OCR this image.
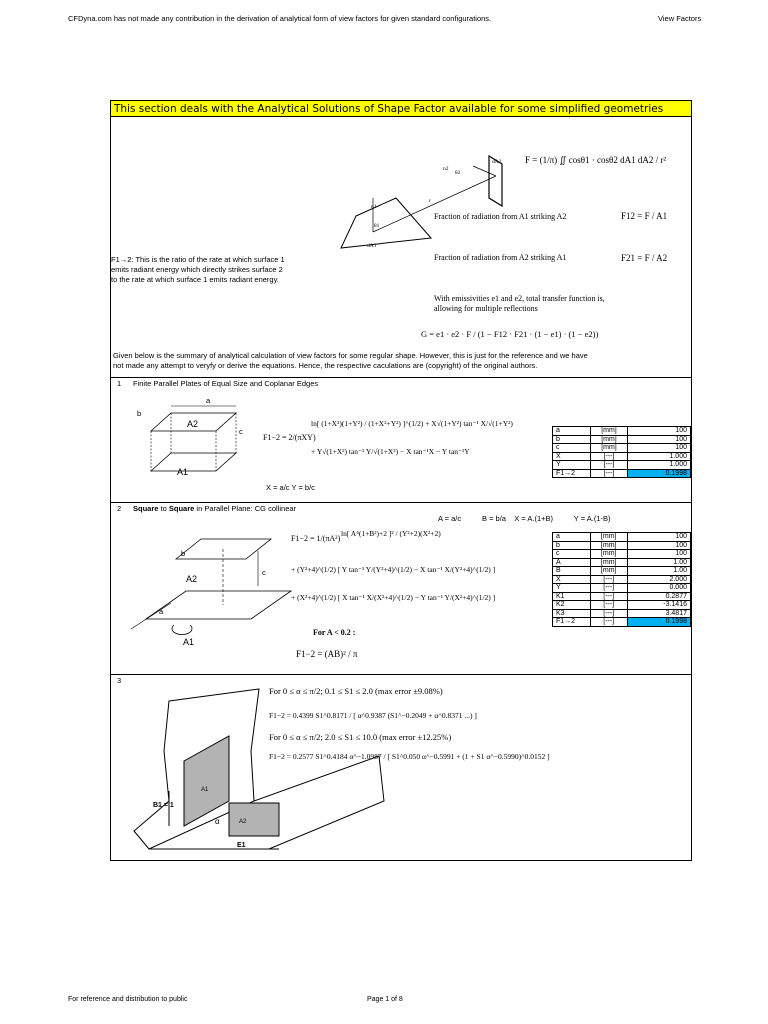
CFDyna.com has not made any contribution in the derivation of analytical form of view factors for given standard configurations.	View Factors
This section deals with the Analytical Solutions of Shape Factor available for some simplified geometries
n1
n2
dA2
dA1
r
θ1
θ2
F = (1/π) ∬ cosθ1 · cosθ2 dA1 dA2 / r²
Fraction of radiation from A1 striking A2	F12 = F / A1
Fraction of radiation from A2 striking A1	F21 = F / A2
F1→2: This is the ratio of the rate at which surface 1
emits radiant energy which directly strikes surface 2
to the rate at which surface 1 emits radiant energy.
With emissivities e1 and e2, total transfer function is,
allowing for multiple reflections
G = e1 · e2 · F / (1 − F12 · F21 · (1 − e1) · (1 − e2))
Given below is the summary of analytical calculation of view factors for some regular shape. However, this is just for the reference and we have
not made any attempt to veryfy or derive the equations. Hence, the respective caculations are (copyright) of the original authors.
1 Finite Parallel Plates of Equal Size and Coplanar Edges
a
b
c
A2
A1
F1−2 = 2/(πXY)
ln[ (1+X²)(1+Y²) / (1+X²+Y²) ]^(1/2) + X√(1+Y²) tan⁻¹ X/√(1+Y²)
+ Y√(1+X²) tan⁻¹ Y/√(1+X²) − X tan⁻¹X − Y tan⁻¹Y
X = a/c Y = b/c
a	[mm]	100
b	[mm]	100
c	[mm]	100
X	[---]	1.000
Y	[---]	1.000
F1→2	[---]	0.1998
2 Square to Square in Parallel Plane: CG collinear
A = a/c          B = b/a    X = A.(1+B)          Y = A.(1-B)
b
c
A2
a
A1
F1−2 = 1/(πA²)
ln[ A⁴(1+B²)+2 ]² / (Y²+2)(X²+2)
+ (Y²+4)^(1/2) [ Y tan⁻¹ Y/(Y²+4)^(1/2) − X tan⁻¹ X/(Y²+4)^(1/2) ]
+ (X²+4)^(1/2) [ X tan⁻¹ X/(X²+4)^(1/2) − Y tan⁻¹ Y/(X²+4)^(1/2) ]
For A < 0.2 :
F1−2 = (AB)² / π
a	[mm]	100
b	[mm]	100
c	[mm]	100
A	[mm]	1.00
B	[mm]	1.00
X	[---]	2.000
Y	[---]	0.000
K1	[---]	0.2877
K2	[---]	-3.1416
K3	[---]	3.4817
F1→2	[---]	0.1998
3
A1
A2
B1 = 1
α
E1
For 0 ≤ α ≤ π/2; 0.1 ≤ S1 ≤ 2.0 (max error ±9.08%)
F1−2 = 0.4399 S1^0.8171 / [ α^0.9387 (S1^−0.2049 + α^0.8371 ...) ]
For 0 ≤ α ≤ π/2; 2.0 ≤ S1 ≤ 10.0 (max error ±12.25%)
F1−2 = 0.2577 S1^0.4184 α^−1.0987 / [ S1^0.050 α^−0.5991 + (1 + S1 α^−0.5990)^0.0152 ]
For reference and distribution to public	Page 1 of 8
